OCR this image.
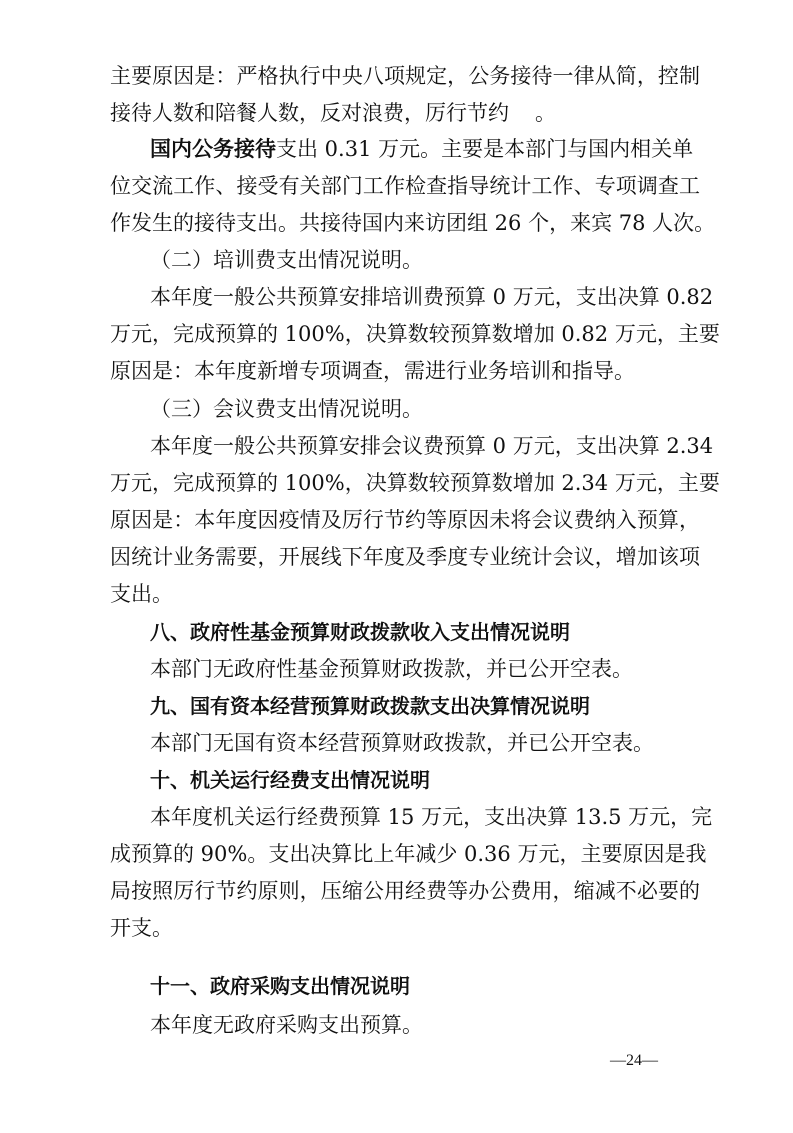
主要原因是：严格执行中央八项规定，公务接待一律从简，控制
接待人数和陪餐人数，反对浪费，厉行节约 。
国内公务接待支出 0.31 万元。主要是本部门与国内相关单
位交流工作、接受有关部门工作检查指导统计工作、专项调查工
作发生的接待支出。共接待国内来访团组 26 个，来宾 78 人次。
（二）培训费支出情况说明。
本年度一般公共预算安排培训费预算 0 万元，支出决算 0.82
万元，完成预算的 100%，决算数较预算数增加 0.82 万元，主要
原因是：本年度新增专项调查，需进行业务培训和指导。
（三）会议费支出情况说明。
本年度一般公共预算安排会议费预算 0 万元，支出决算 2.34
万元，完成预算的 100%，决算数较预算数增加 2.34 万元，主要
原因是：本年度因疫情及厉行节约等原因未将会议费纳入预算，
因统计业务需要，开展线下年度及季度专业统计会议，增加该项
支出。
八、政府性基金预算财政拨款收入支出情况说明
本部门无政府性基金预算财政拨款，并已公开空表。
九、国有资本经营预算财政拨款支出决算情况说明
本部门无国有资本经营预算财政拨款，并已公开空表。
十、机关运行经费支出情况说明
本年度机关运行经费预算 15 万元，支出决算 13.5 万元，完
成预算的 90%。支出决算比上年减少 0.36 万元，主要原因是我
局按照厉行节约原则，压缩公用经费等办公费用，缩减不必要的
开支。
十一、政府采购支出情况说明
本年度无政府采购支出预算。
—24—
